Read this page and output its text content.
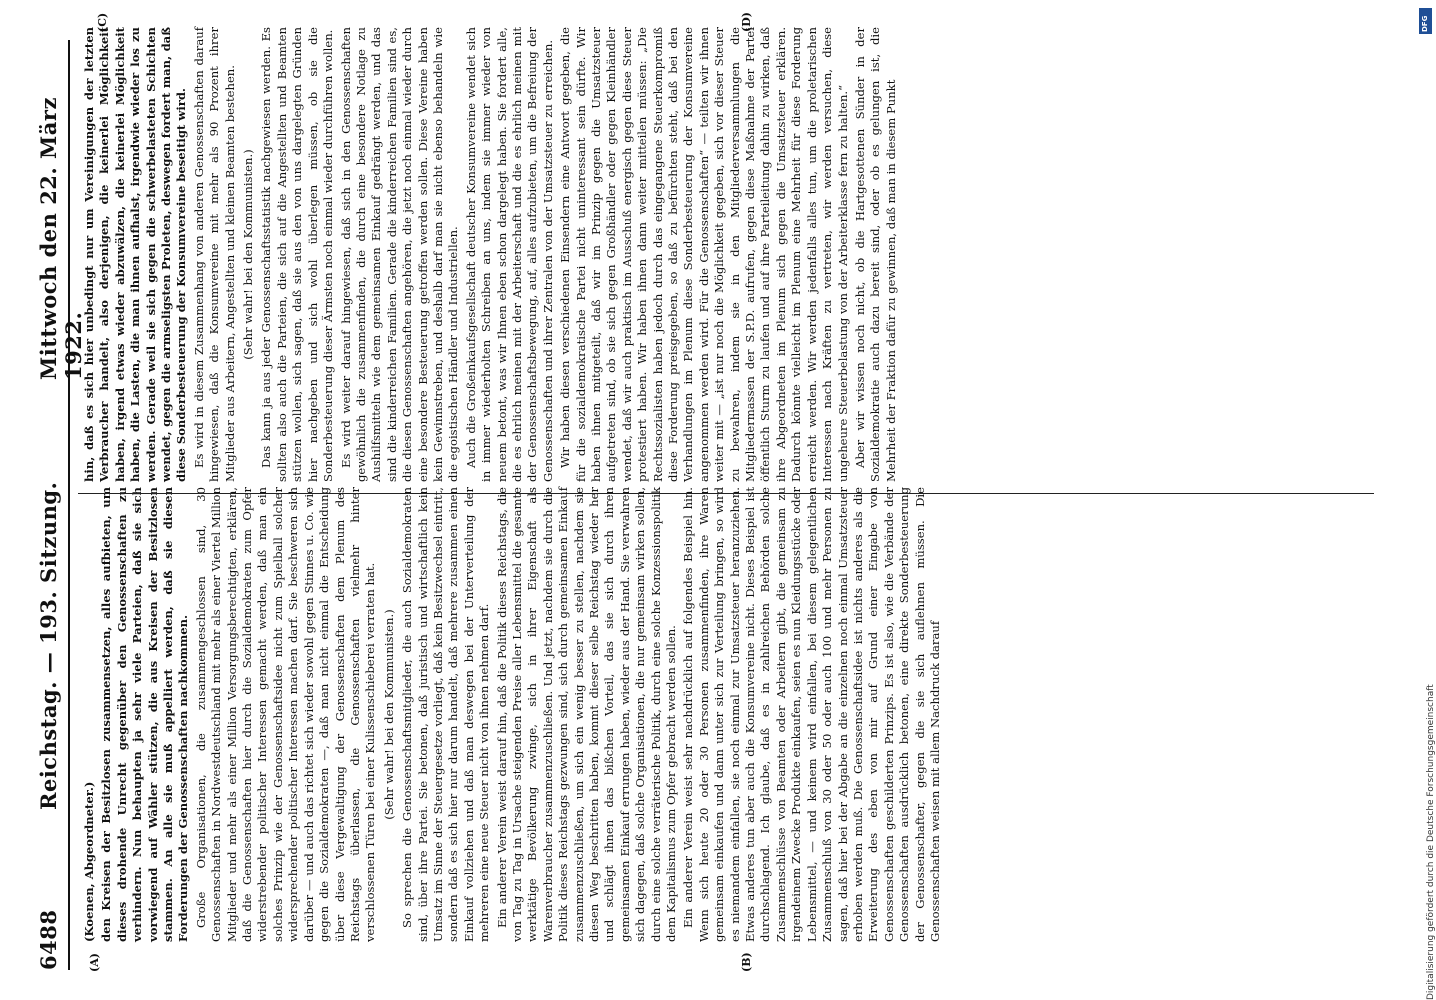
6488
Reichstag. — 193. Sitzung.
Mittwoch den 22. März 1922.
(A)	(B)
(C)	(D)

(Koenen, Abgeordneter.) den Kreisen der Besitzlosen zusammensetzen, alles aufbieten, um dieses drohende Unrecht gegenüber den Genossenschaften zu verhindern. Nun behaupten ja sehr viele Parteien, daß sie sich vorwiegend auf Wähler stützen, die aus Kreisen der Besitzlosen stammen. An alle sie muß appelliert werden, daß sie diesen Forderungen der Genossenschaften nachkommen. Große Organisationen, die zusammengeschlossen sind, 30 Genossenschaften in Nordwestdeutschland mit mehr als einer Viertel Million Mitglieder und mehr als einer Million Versorgungsberechtigten, erklären, daß die Genossenschaften hier durch die Sozialdemokraten zum Opfer widerstrebender politischer Interessen gemacht werden, daß man ein solches Prinzip wie der Genossenschaftsidee nicht zum Spielball solcher widersprechender politischer Interessen machen darf. Sie beschweren sich darüber — und auch das richtet sich wieder sowohl gegen Stinnes u. Co. wie gegen die Sozialdemokraten —, daß man nicht einmal die Entscheidung über diese Vergewaltigung der Genossenschaften dem Plenum des Reichstags überlassen, die Genossenschaften vielmehr hinter verschlossenen Türen bei einer Kulissenschieberei verraten hat. (Sehr wahr! bei den Kommunisten.) So sprechen die Genossenschaftsmitglieder, die auch Sozialdemokraten sind, über ihre Partei. Sie betonen, daß juristisch und wirtschaftlich kein Umsatz im Sinne der Steuergesetze vorliegt, daß kein Besitzwechsel eintritt, sondern daß es sich hier nur darum handelt, daß mehrere zusammen einen Einkauf vollziehen und daß man deswegen bei der Unterverteilung der mehreren eine neue Steuer nicht von ihnen nehmen darf. Ein anderer Verein weist darauf hin, daß die Politik dieses Reichstags, die von Tag zu Tag in Ursache steigenden Preise aller Lebensmittel die gesamte werktätige Bevölkerung zwinge, sich in ihrer Eigenschaft als Warenverbraucher zusammenzuschließen. Und jetzt, nachdem sie durch die Politik dieses Reichstags gezwungen sind, sich durch gemeinsamen Einkauf zusammenzuschließen, um sich ein wenig besser zu stellen, nachdem sie diesen Weg beschritten haben, kommt dieser selbe Reichstag wieder her und schlägt ihnen das bißchen Vorteil, das sie sich durch ihren gemeinsamen Einkauf errungen haben, wieder aus der Hand. Sie verwahren sich dagegen, daß solche Organisationen, die nur gemeinsam wirken sollen, durch eine solche verräterische Politik, durch eine solche Konzessionspolitik dem Kapitalismus zum Opfer gebracht werden sollen. Ein anderer Verein weist sehr nachdrücklich auf folgendes Beispiel hin. Wenn sich heute 20 oder 30 Personen zusammenfinden, ihre Waren gemeinsam einkaufen und dann unter sich zur Verteilung bringen, so wird es niemandem einfallen, sie noch einmal zur Umsatzsteuer heranzuziehen. Etwas anderes tun aber auch die Konsumvereine nicht. Dieses Beispiel ist durchschlagend. Ich glaube, daß es in zahlreichen Behörden solche Zusammenschlüsse von Beamten oder Arbeitern gibt, die gemeinsam zu irgendeinem Zwecke Produkte einkaufen, seien es nun Kleidungsstücke oder Lebensmittel, — und keinem wird einfallen, bei diesem gelegentlichen Zusammenschluß von 30 oder 50 oder auch 100 und mehr Personen zu sagen, daß hier bei der Abgabe an die einzelnen noch einmal Umsatzsteuer erhoben werden muß. Die Genossenschaftsidee ist nichts anderes als die Erweiterung des eben von mir auf Grund einer Eingabe von Genossenschaften geschilderten Prinzips. Es ist also, wie die Verbände der Genossenschaften ausdrücklich betonen, eine direkte Sonderbesteuerung der Genossenschafter, gegen die sie sich auflehnen müssen. Die Genossenschaften weisen mit allem Nachdruck darauf

hin, daß es sich hier unbedingt nur um Vereinigungen der letzten Verbraucher handelt, also derjenigen, die keinerlei Möglichkeit haben, irgend etwas wieder abzuwälzen, die keinerlei Möglichkeit haben, die Lasten, die man ihnen aufhalst, irgendwie wieder los zu werden. Gerade weil sie sich gegen die schwerbelasteten Schichten wendet, gegen die armseligsten Proleten, deswegen fordert man, daß diese Sonderbesteuerung der Konsumvereine beseitigt wird. Es wird in diesem Zusammenhang von anderen Genossenschaften darauf hingewiesen, daß die Konsumvereine mit mehr als 90 Prozent ihrer Mitglieder aus Arbeitern, Angestellten und kleinen Beamten bestehen. (Sehr wahr! bei den Kommunisten.) Das kann ja aus jeder Genossenschaftsstatistik nachgewiesen werden. Es sollten also auch die Parteien, die sich auf die Angestellten und Beamten stützen wollen, sich sagen, daß sie aus den von uns dargelegten Gründen hier nachgeben und sich wohl überlegen müssen, ob sie die Sonderbesteuerung dieser Ärmsten noch einmal wieder durchführen wollen. Es wird weiter darauf hingewiesen, daß sich in den Genossenschaften gewöhnlich die zusammenfinden, die durch eine besondere Notlage zu Aushilfsmitteln wie dem gemeinsamen Einkauf gedrängt werden, und das sind die kinderreichen Familien. Gerade die kinderreichen Familien sind es, die diesen Genossenschaften angehören, die jetzt noch einmal wieder durch eine besondere Besteuerung getroffen werden sollen. Diese Vereine haben kein Gewinnstreben, und deshalb darf man sie nicht ebenso behandeln wie die egoistischen Händler und Industriellen. Auch die Großeinkaufsgesellschaft deutscher Konsumvereine wendet sich in immer wiederholten Schreiben an uns, indem sie immer wieder von neuem betont, was wir Ihnen eben schon dargelegt haben. Sie fordert alle, die es ehrlich meinen mit der Arbeiterschaft und die es ehrlich meinen mit der Genossenschaftsbewegung, auf, alles aufzubieten, um die Befreiung der Genossenschaften und ihrer Zentralen von der Umsatzsteuer zu erreichen. Wir haben diesen verschiedenen Einsendern eine Antwort gegeben, die für die sozialdemokratische Partei nicht uninteressant sein dürfte. Wir haben ihnen mitgeteilt, daß wir im Prinzip gegen die Umsatzsteuer aufgetreten sind, ob sie sich gegen Großhändler oder gegen Kleinhändler wendet, daß wir auch praktisch im Ausschuß energisch gegen diese Steuer protestiert haben. Wir haben ihnen dann weiter mitteilen müssen: „Die Rechtssozialisten haben jedoch durch das eingegangene Steuerkompromiß diese Forderung preisgegeben, so daß zu befürchten steht, daß bei den Verhandlungen im Plenum diese Sonderbesteuerung der Konsumvereine angenommen werden wird. Für die Genossenschaften“ — teilten wir ihnen weiter mit — „ist nur noch die Möglichkeit gegeben, sich vor dieser Steuer zu bewahren, indem sie in den Mitgliederversammlungen die Mitgliedermassen der S.P.D. aufrufen, gegen diese Maßnahme der Partei öffentlich Sturm zu laufen und auf ihre Parteileitung dahin zu wirken, daß ihre Abgeordneten im Plenum sich gegen die Umsatzsteuer erklären. Dadurch könnte vielleicht im Plenum eine Mehrheit für diese Forderung erreicht werden. Wir werden jedenfalls alles tun, um die proletarischen Interessen nach Kräften zu vertreten, wir werden versuchen, diese ungeheure Steuerbelastung von der Arbeiterklasse fern zu halten.“ Aber wir wissen noch nicht, ob die Hartgesottenen Sünder in der Sozialdemokratie auch dazu bereit sind, oder ob es gelungen ist, die Mehrheit der Fraktion dafür zu gewinnen, daß man in diesem Punkt

DFG
Digitalisierung gefördert durch die Deutsche Forschungsgemeinschaft
